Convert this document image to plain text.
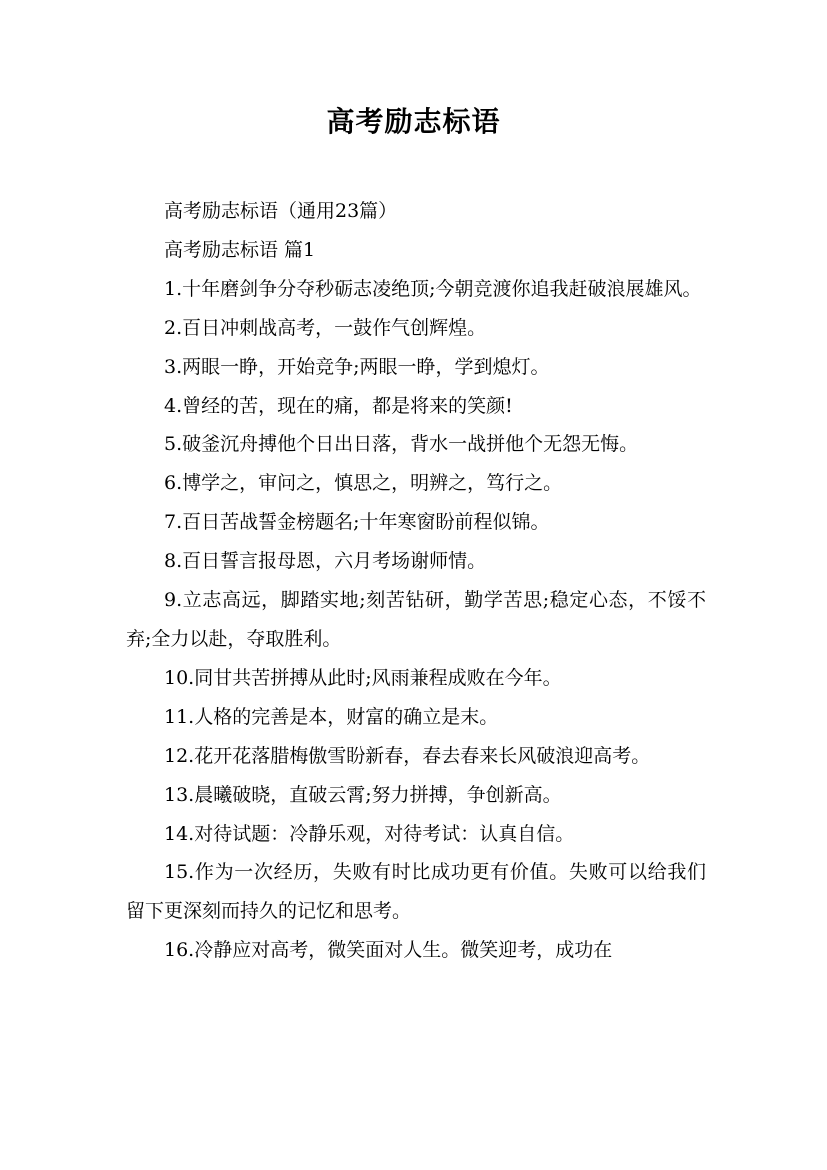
高考励志标语

高考励志标语（通用23篇）

高考励志标语 篇1

1.十年磨剑争分夺秒砺志凌绝顶;今朝竞渡你追我赶破浪展雄风。

2.百日冲刺战高考，一鼓作气创辉煌。

3.两眼一睁，开始竞争;两眼一睁，学到熄灯。

4.曾经的苦，现在的痛，都是将来的笑颜!

5.破釜沉舟搏他个日出日落，背水一战拼他个无怨无悔。

6.博学之，审问之，慎思之，明辨之，笃行之。

7.百日苦战誓金榜题名;十年寒窗盼前程似锦。

8.百日誓言报母恩，六月考场谢师情。

9.立志高远，脚踏实地;刻苦钻研，勤学苦思;稳定心态，不馁不弃;全力以赴，夺取胜利。

10.同甘共苦拼搏从此时;风雨兼程成败在今年。

11.人格的完善是本，财富的确立是末。

12.花开花落腊梅傲雪盼新春，春去春来长风破浪迎高考。

13.晨曦破晓，直破云霄;努力拼搏，争创新高。

14.对待试题：冷静乐观，对待考试：认真自信。

15.作为一次经历，失败有时比成功更有价值。失败可以给我们留下更深刻而持久的记忆和思考。

16.冷静应对高考，微笑面对人生。微笑迎考，成功在
